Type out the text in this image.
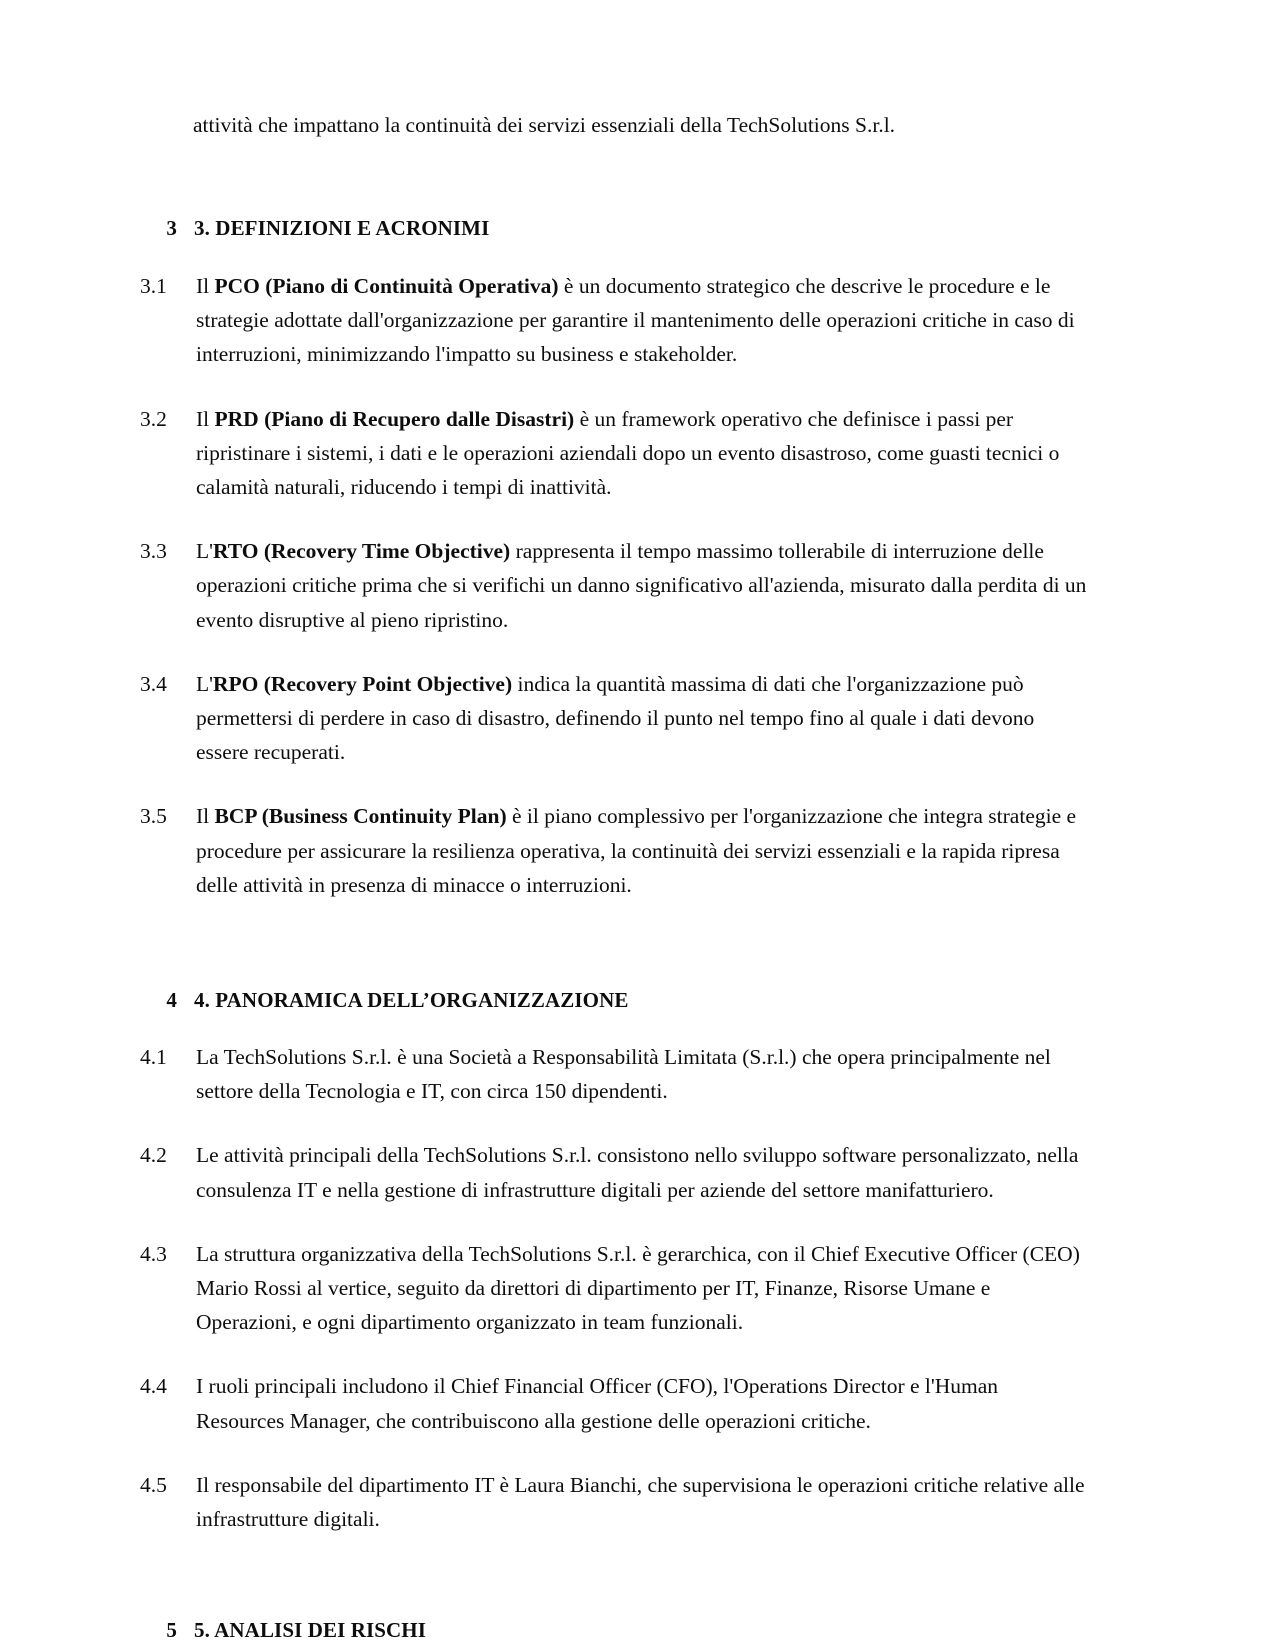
attività che impattano la continuità dei servizi essenziali della TechSolutions S.r.l.

3 3. DEFINIZIONI E ACRONIMI
3.1	Il PCO (Piano di Continuità Operativa) è un documento strategico che descrive le procedure e le strategie adottate dall'organizzazione per garantire il mantenimento delle operazioni critiche in caso di interruzioni, minimizzando l'impatto su business e stakeholder.
3.2	Il PRD (Piano di Recupero dalle Disastri) è un framework operativo che definisce i passi per ripristinare i sistemi, i dati e le operazioni aziendali dopo un evento disastroso, come guasti tecnici o calamità naturali, riducendo i tempi di inattività.
3.3	L'RTO (Recovery Time Objective) rappresenta il tempo massimo tollerabile di interruzione delle operazioni critiche prima che si verifichi un danno significativo all'azienda, misurato dalla perdita di un evento disruptive al pieno ripristino.
3.4	L'RPO (Recovery Point Objective) indica la quantità massima di dati che l'organizzazione può permettersi di perdere in caso di disastro, definendo il punto nel tempo fino al quale i dati devono essere recuperati.
3.5	Il BCP (Business Continuity Plan) è il piano complessivo per l'organizzazione che integra strategie e procedure per assicurare la resilienza operativa, la continuità dei servizi essenziali e la rapida ripresa delle attività in presenza di minacce o interruzioni.
4 4. PANORAMICA DELL’ORGANIZZAZIONE
4.1	La TechSolutions S.r.l. è una Società a Responsabilità Limitata (S.r.l.) che opera principalmente nel settore della Tecnologia e IT, con circa 150 dipendenti.
4.2	Le attività principali della TechSolutions S.r.l. consistono nello sviluppo software personalizzato, nella consulenza IT e nella gestione di infrastrutture digitali per aziende del settore manifatturiero.
4.3	La struttura organizzativa della TechSolutions S.r.l. è gerarchica, con il Chief Executive Officer (CEO) Mario Rossi al vertice, seguito da direttori di dipartimento per IT, Finanze, Risorse Umane e Operazioni, e ogni dipartimento organizzato in team funzionali.
4.4	I ruoli principali includono il Chief Financial Officer (CFO), l'Operations Director e l'Human Resources Manager, che contribuiscono alla gestione delle operazioni critiche.
4.5	Il responsabile del dipartimento IT è Laura Bianchi, che supervisiona le operazioni critiche relative alle infrastrutture digitali.
5 5. ANALISI DEI RISCHI
